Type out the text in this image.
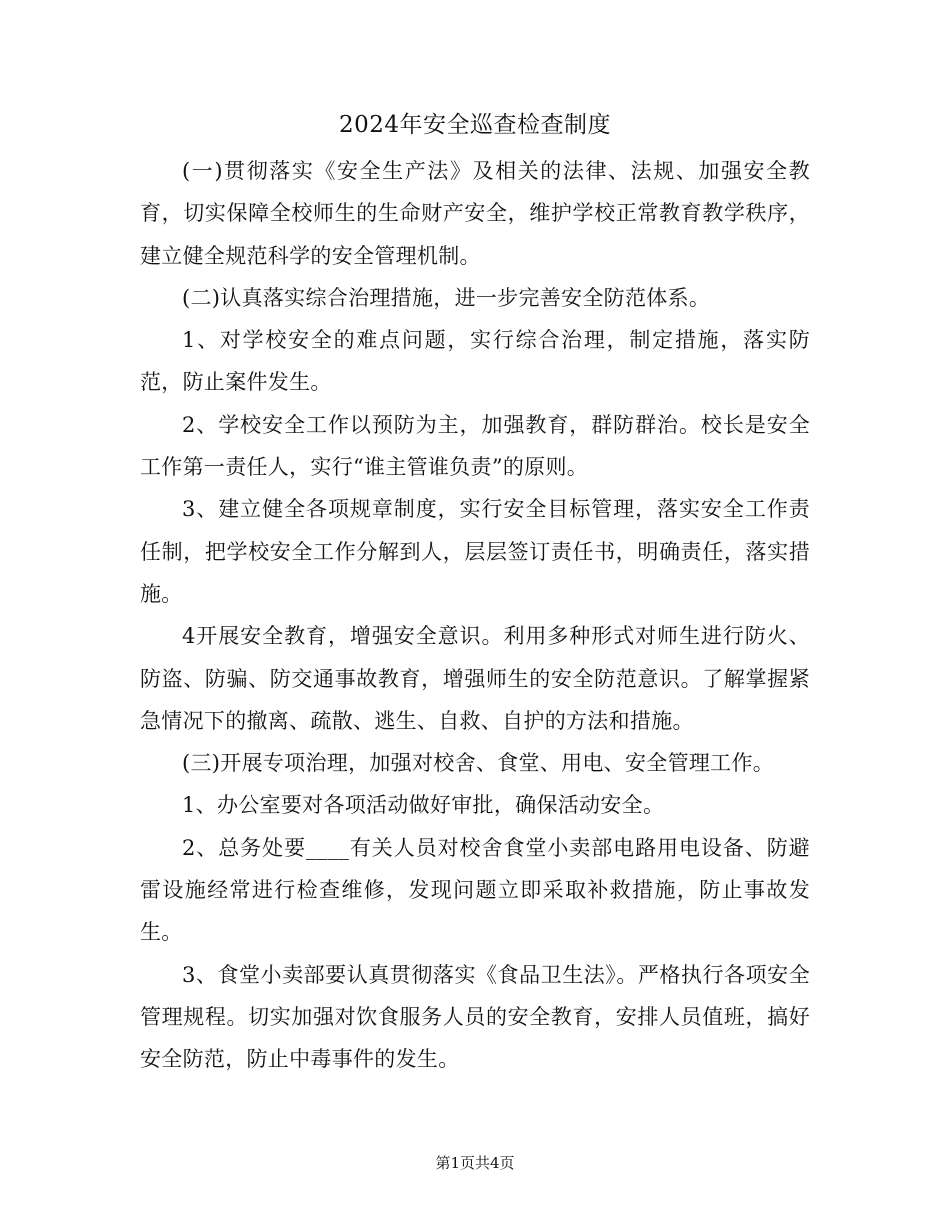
2024年安全巡查检查制度

(一)贯彻落实《安全生产法》及相关的法律、法规、加强安全教育，切实保障全校师生的生命财产安全，维护学校正常教育教学秩序，建立健全规范科学的安全管理机制。

(二)认真落实综合治理措施，进一步完善安全防范体系。

1、对学校安全的难点问题，实行综合治理，制定措施，落实防范，防止案件发生。

2、学校安全工作以预防为主，加强教育，群防群治。校长是安全工作第一责任人，实行“谁主管谁负责”的原则。

3、建立健全各项规章制度，实行安全目标管理，落实安全工作责任制，把学校安全工作分解到人，层层签订责任书，明确责任，落实措施。

4开展安全教育，增强安全意识。利用多种形式对师生进行防火、防盗、防骗、防交通事故教育，增强师生的安全防范意识。了解掌握紧急情况下的撤离、疏散、逃生、自救、自护的方法和措施。

(三)开展专项治理，加强对校舍、食堂、用电、安全管理工作。

1、办公室要对各项活动做好审批，确保活动安全。

2、总务处要____有关人员对校舍食堂小卖部电路用电设备、防避雷设施经常进行检查维修，发现问题立即采取补救措施，防止事故发生。

3、食堂小卖部要认真贯彻落实《食品卫生法》。严格执行各项安全管理规程。切实加强对饮食服务人员的安全教育，安排人员值班，搞好安全防范，防止中毒事件的发生。

第1页共4页
